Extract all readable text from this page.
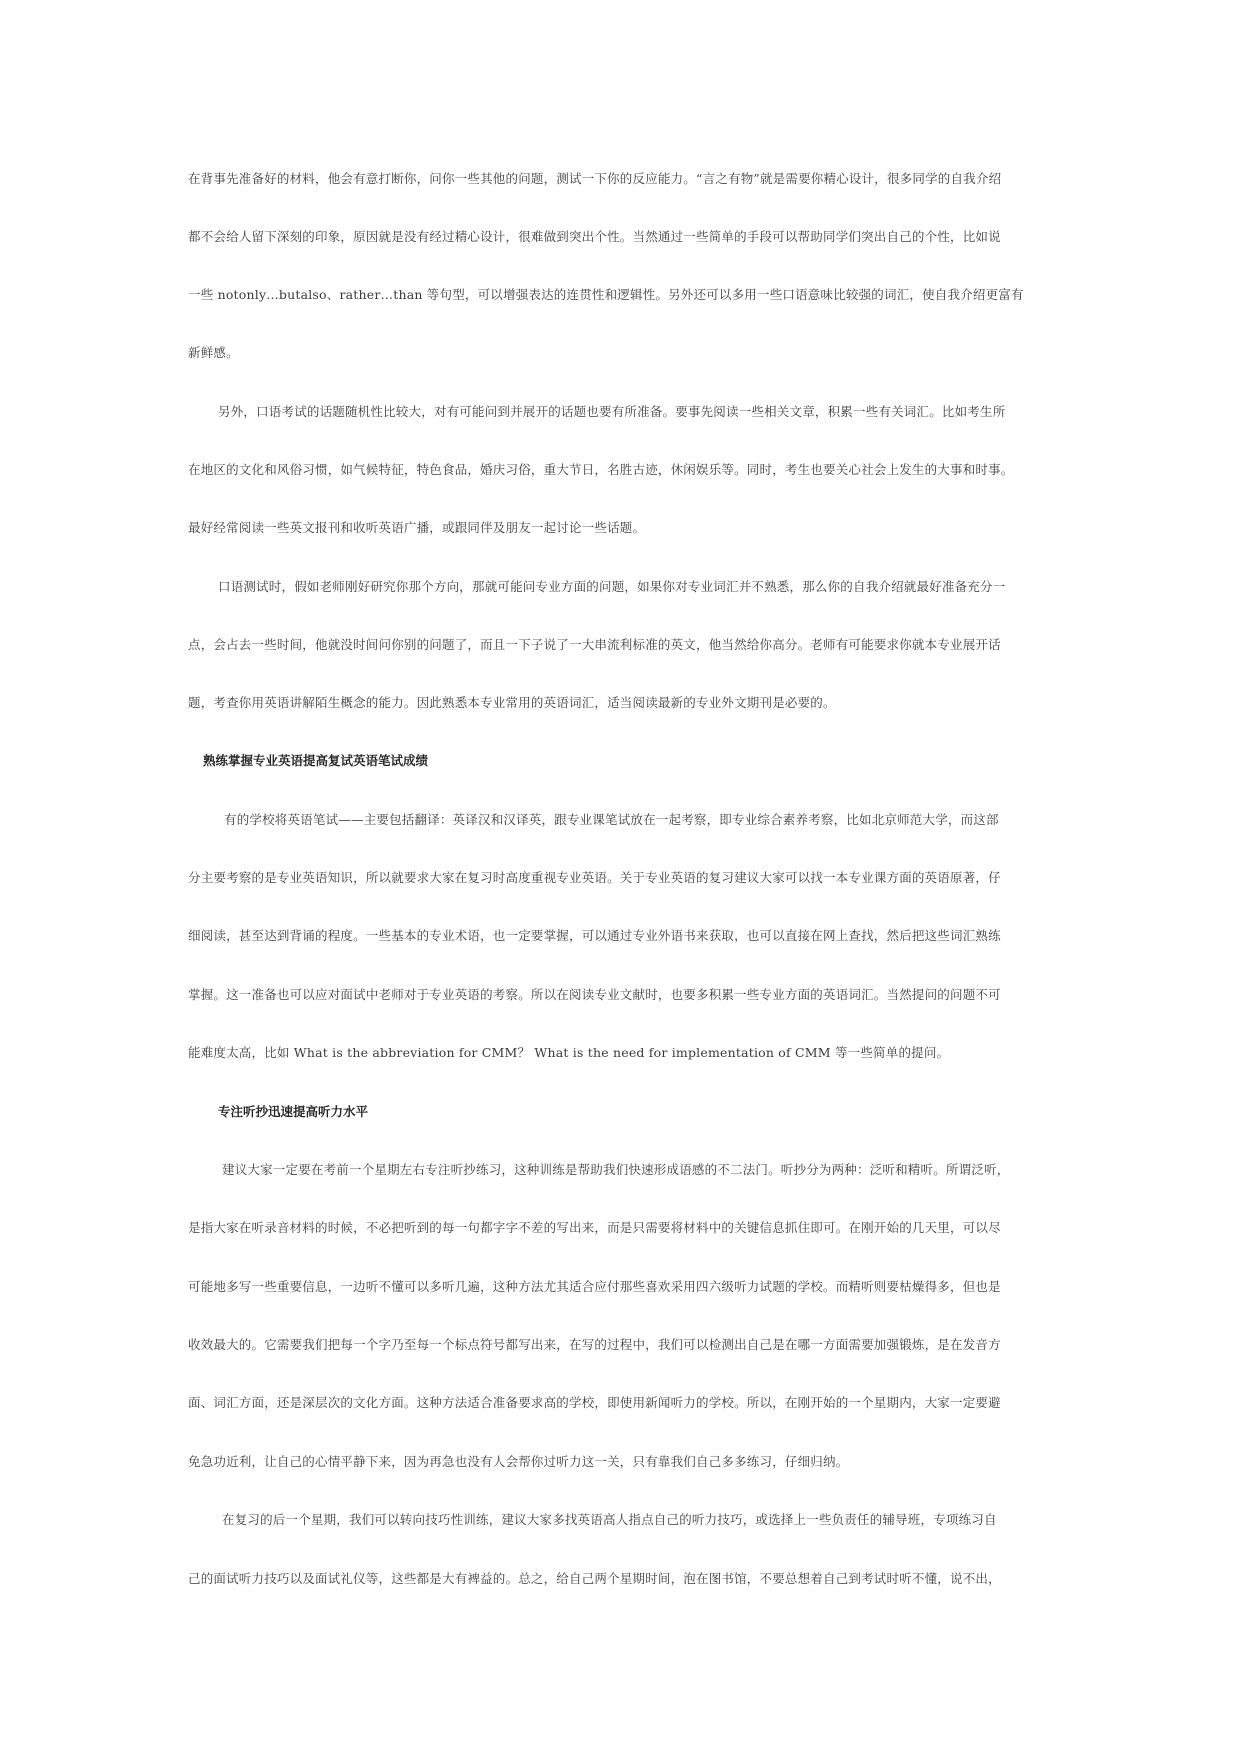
在背事先准备好的材料，他会有意打断你，问你一些其他的问题，测试一下你的反应能力。“言之有物”就是需要你精心设计，很多同学的自我介绍
都不会给人留下深刻的印象，原因就是没有经过精心设计，很难做到突出个性。当然通过一些简单的手段可以帮助同学们突出自己的个性，比如说
一些 notonly…butalso、rather…than 等句型，可以增强表达的连贯性和逻辑性。另外还可以多用一些口语意味比较强的词汇，使自我介绍更富有
新鲜感。
另外，口语考试的话题随机性比较大，对有可能问到并展开的话题也要有所准备。要事先阅读一些相关文章，积累一些有关词汇。比如考生所
在地区的文化和风俗习惯，如气候特征，特色食品，婚庆习俗，重大节日，名胜古迹，休闲娱乐等。同时，考生也要关心社会上发生的大事和时事。
最好经常阅读一些英文报刊和收听英语广播，或跟同伴及朋友一起讨论一些话题。
口语测试时，假如老师刚好研究你那个方向，那就可能问专业方面的问题，如果你对专业词汇并不熟悉，那么你的自我介绍就最好准备充分一
点，会占去一些时间，他就没时间问你别的问题了，而且一下子说了一大串流利标准的英文，他当然给你高分。老师有可能要求你就本专业展开话
题，考查你用英语讲解陌生概念的能力。因此熟悉本专业常用的英语词汇，适当阅读最新的专业外文期刊是必要的。
熟练掌握专业英语提高复试英语笔试成绩
有的学校将英语笔试——主要包括翻译：英译汉和汉译英，跟专业课笔试放在一起考察，即专业综合素养考察，比如北京师范大学，而这部
分主要考察的是专业英语知识，所以就要求大家在复习时高度重视专业英语。关于专业英语的复习建议大家可以找一本专业课方面的英语原著，仔
细阅读，甚至达到背诵的程度。一些基本的专业术语，也一定要掌握，可以通过专业外语书来获取，也可以直接在网上查找，然后把这些词汇熟练
掌握。这一准备也可以应对面试中老师对于专业英语的考察。所以在阅读专业文献时，也要多积累一些专业方面的英语词汇。当然提问的问题不可
能难度太高，比如 What is the abbreviation for CMM？ What is the need for implementation of CMM 等一些简单的提问。
专注听抄迅速提高听力水平
建议大家一定要在考前一个星期左右专注听抄练习，这种训练是帮助我们快速形成语感的不二法门。听抄分为两种：泛听和精听。所谓泛听，
是指大家在听录音材料的时候，不必把听到的每一句都字字不差的写出来，而是只需要将材料中的关键信息抓住即可。在刚开始的几天里，可以尽
可能地多写一些重要信息，一边听不懂可以多听几遍，这种方法尤其适合应付那些喜欢采用四六级听力试题的学校。而精听则要枯燥得多，但也是
收效最大的。它需要我们把每一个字乃至每一个标点符号都写出来，在写的过程中，我们可以检测出自己是在哪一方面需要加强锻炼，是在发音方
面、词汇方面，还是深层次的文化方面。这种方法适合准备要求高的学校，即使用新闻听力的学校。所以，在刚开始的一个星期内，大家一定要避
免急功近利，让自己的心情平静下来，因为再急也没有人会帮你过听力这一关，只有靠我们自己多多练习，仔细归纳。
在复习的后一个星期，我们可以转向技巧性训练，建议大家多找英语高人指点自己的听力技巧，或选择上一些负责任的辅导班，专项练习自
己的面试听力技巧以及面试礼仪等，这些都是大有裨益的。总之，给自己两个星期时间，泡在图书馆，不要总想着自己到考试时听不懂，说不出，
